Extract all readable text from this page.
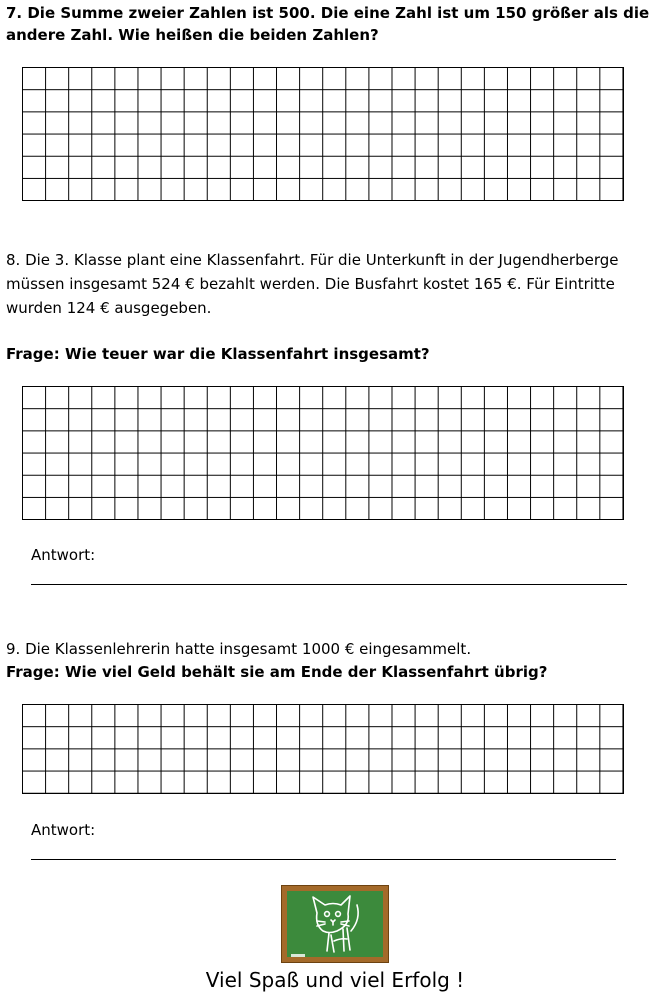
7. Die Summe zweier Zahlen ist 500. Die eine Zahl ist um 150 größer als die
andere Zahl. Wie heißen die beiden Zahlen?
8. Die 3. Klasse plant eine Klassenfahrt. Für die Unterkunft in der Jugendherberge
müssen insgesamt 524 € bezahlt werden. Die Busfahrt kostet 165 €. Für Eintritte
wurden 124 € ausgegeben.
Frage: Wie teuer war die Klassenfahrt insgesamt?
Antwort:
9. Die Klassenlehrerin hatte insgesamt 1000 € eingesammelt.
Frage: Wie viel Geld behält sie am Ende der Klassenfahrt übrig?
Antwort:
Viel Spaß und viel Erfolg !
